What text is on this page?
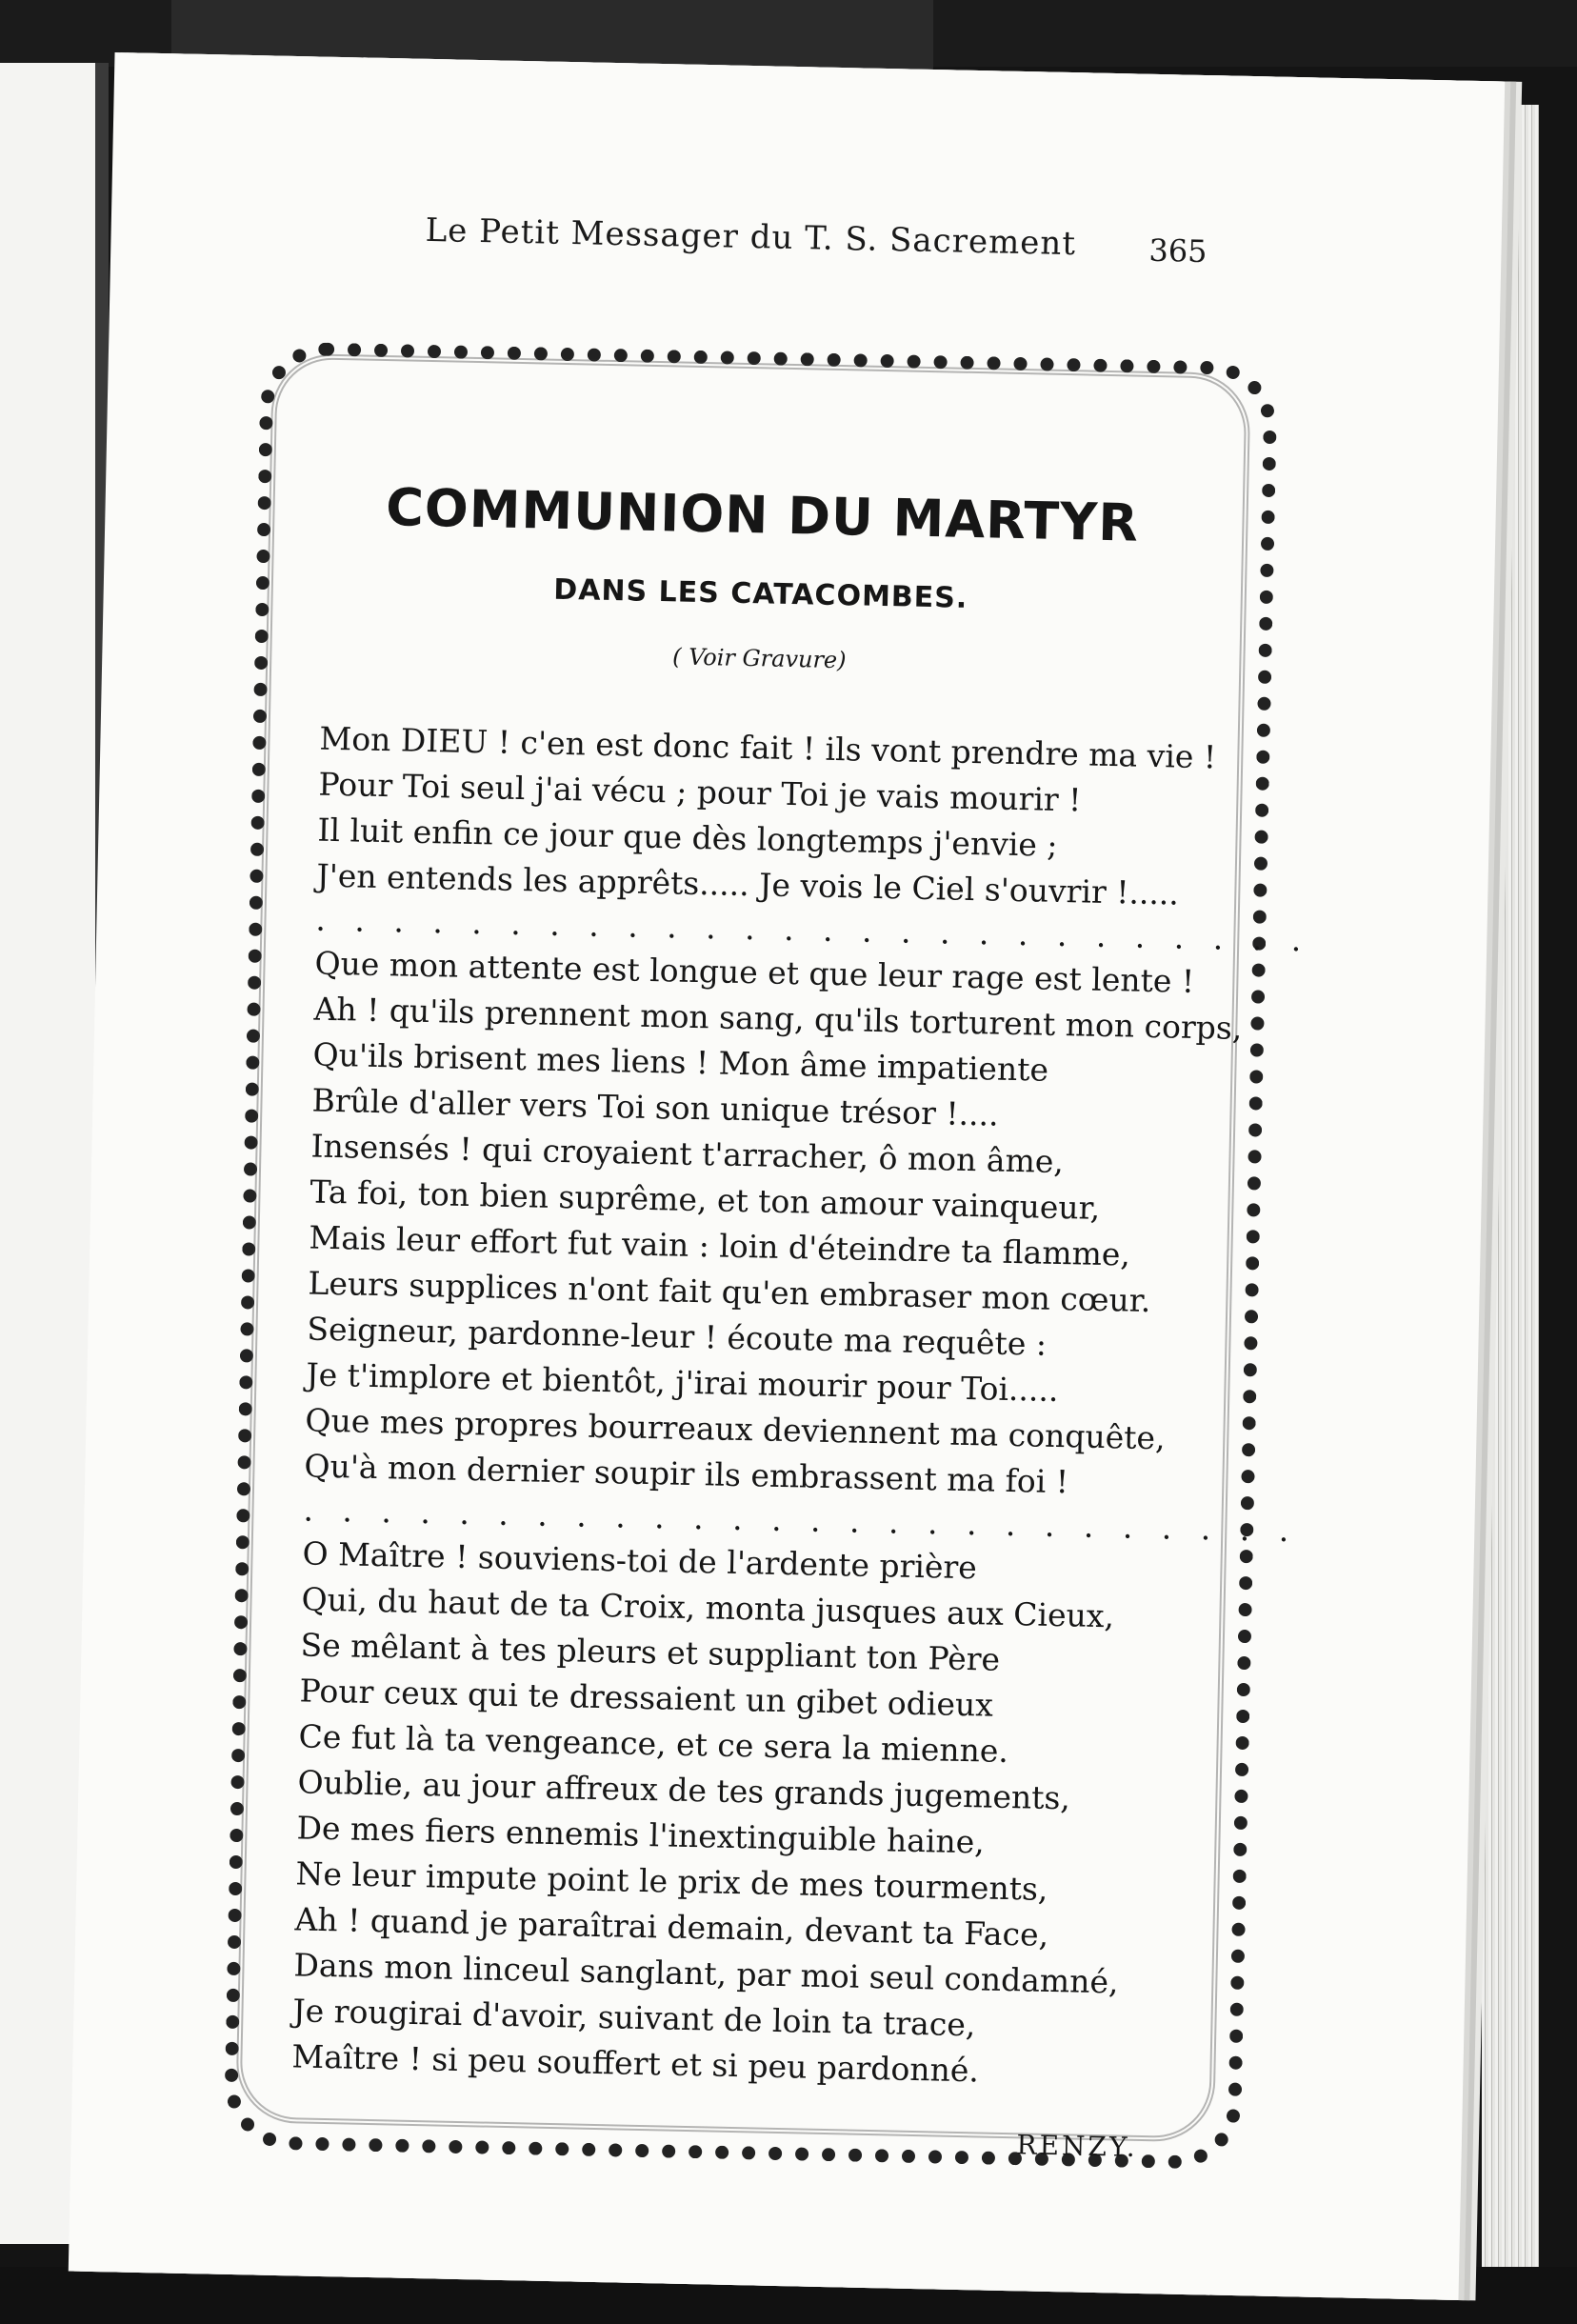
Le Petit Messager du T. S. Sacrement 365
COMMUNION DU MARTYR
DANS LES CATACOMBES.
( Voir Gravure)
Mon DIEU ! c'en est donc fait ! ils vont prendre ma vie !
Pour Toi seul j'ai vécu ; pour Toi je vais mourir !
Il luit enfin ce jour que dès longtemps j'envie ;
J'en entends les apprêts..... Je vois le Ciel s'ouvrir !.....
. . . . . . . . . . . . . . . . . . . . . . . . . .
Que mon attente est longue et que leur rage est lente !
Ah ! qu'ils prennent mon sang, qu'ils torturent mon corps,
Qu'ils brisent mes liens ! Mon âme impatiente
Brûle d'aller vers Toi son unique trésor !....
Insensés ! qui croyaient t'arracher, ô mon âme,
Ta foi, ton bien suprême, et ton amour vainqueur,
Mais leur effort fut vain : loin d'éteindre ta flamme,
Leurs supplices n'ont fait qu'en embraser mon cœur.
Seigneur, pardonne-leur ! écoute ma requête :
Je t'implore et bientôt, j'irai mourir pour Toi.....
Que mes propres bourreaux deviennent ma conquête,
Qu'à mon dernier soupir ils embrassent ma foi !
. . . . . . . . . . . . . . . . . . . . . . . . . .
O Maître ! souviens-toi de l'ardente prière
Qui, du haut de ta Croix, monta jusques aux Cieux,
Se mêlant à tes pleurs et suppliant ton Père
Pour ceux qui te dressaient un gibet odieux
Ce fut là ta vengeance, et ce sera la mienne.
Oublie, au jour affreux de tes grands jugements,
De mes fiers ennemis l'inextinguible haine,
Ne leur impute point le prix de mes tourments,
Ah ! quand je paraîtrai demain, devant ta Face,
Dans mon linceul sanglant, par moi seul condamné,
Je rougirai d'avoir, suivant de loin ta trace,
Maître ! si peu souffert et si peu pardonné.
RENZY.
